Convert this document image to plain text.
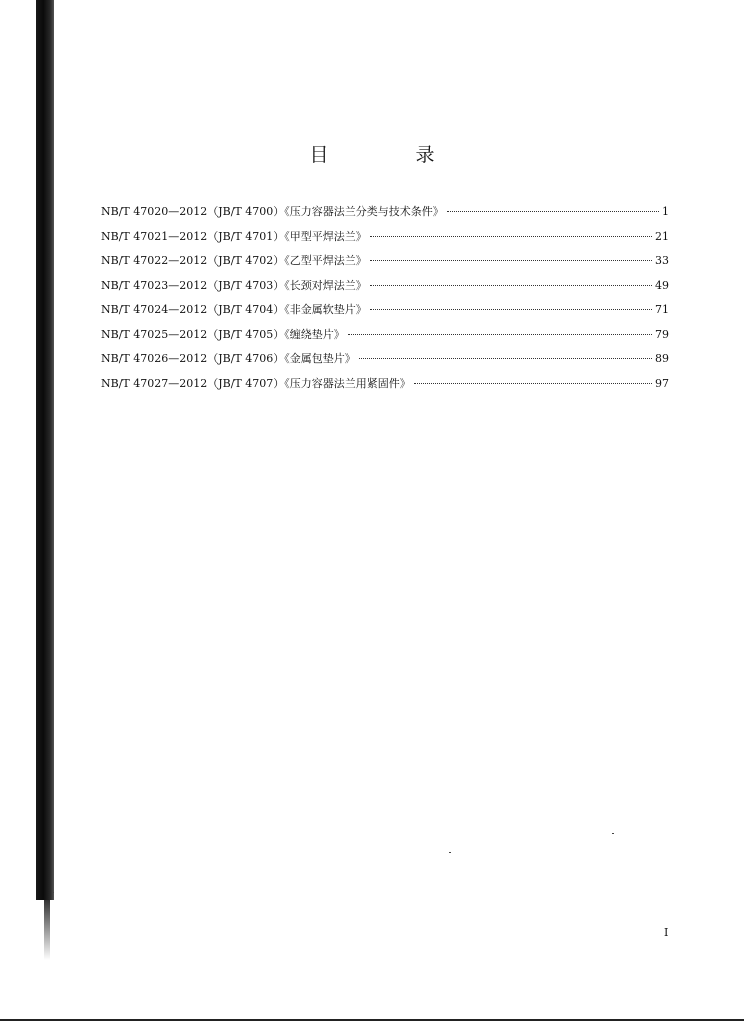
目　录
NB/T 47020—2012（JB/T 4700）《压力容器法兰分类与技术条件》	1
NB/T 47021—2012（JB/T 4701）《甲型平焊法兰》	21
NB/T 47022—2012（JB/T 4702）《乙型平焊法兰》	33
NB/T 47023—2012（JB/T 4703）《长颈对焊法兰》	49
NB/T 47024—2012（JB/T 4704）《非金属软垫片》	71
NB/T 47025—2012（JB/T 4705）《缠绕垫片》	79
NB/T 47026—2012（JB/T 4706）《金属包垫片》	89
NB/T 47027—2012（JB/T 4707）《压力容器法兰用紧固件》	97
I
